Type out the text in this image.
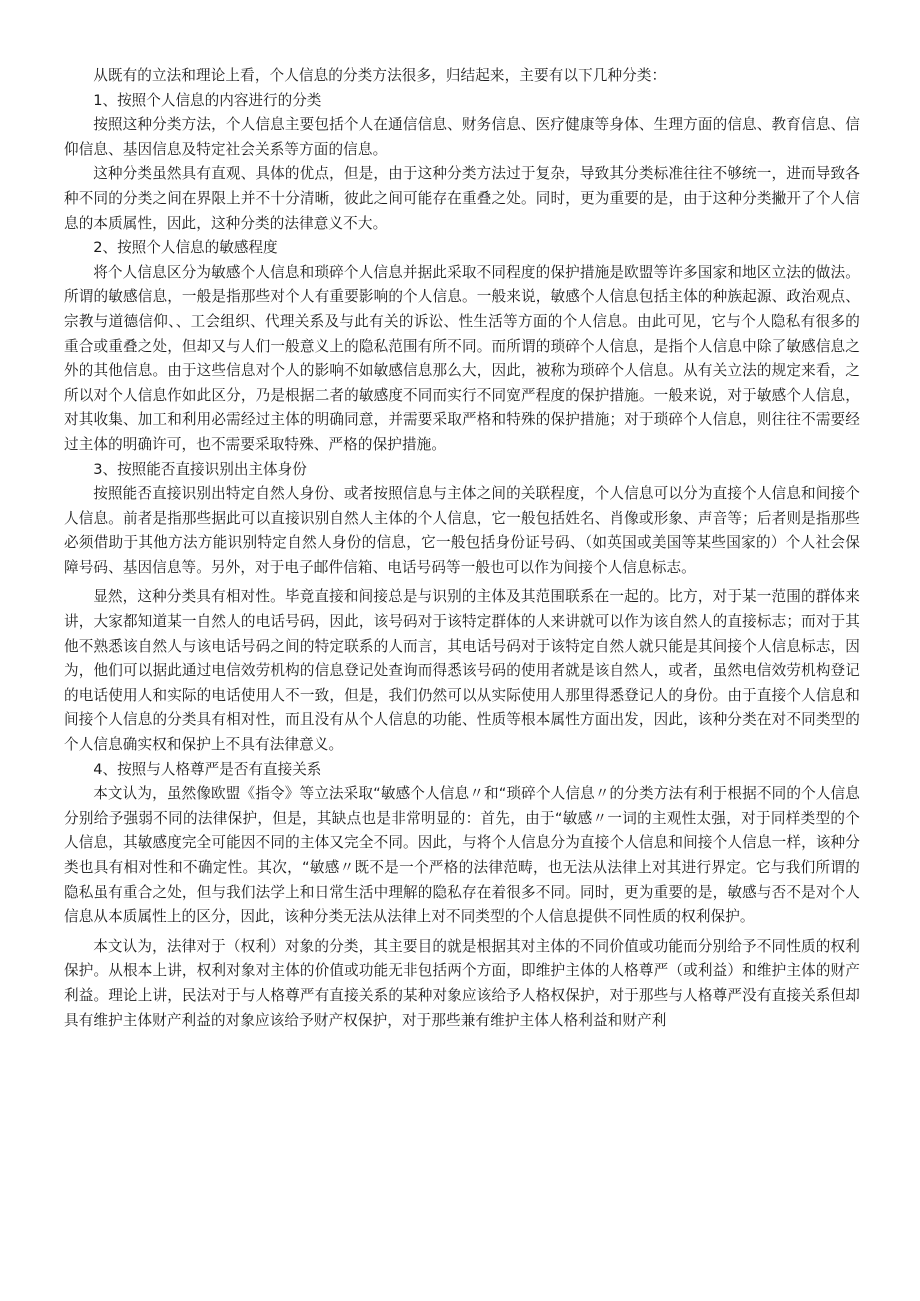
从既有的立法和理论上看，个人信息的分类方法很多，归结起来，主要有以下几种分类：

1、按照个人信息的内容进行的分类

按照这种分类方法，个人信息主要包括个人在通信信息、财务信息、医疗健康等身体、生理方面的信息、教育信息、信仰信息、基因信息及特定社会关系等方面的信息。

这种分类虽然具有直观、具体的优点，但是，由于这种分类方法过于复杂，导致其分类标准往往不够统一，进而导致各种不同的分类之间在界限上并不十分清晰，彼此之间可能存在重叠之处。同时，更为重要的是，由于这种分类撇开了个人信息的本质属性，因此，这种分类的法律意义不大。

2、按照个人信息的敏感程度

将个人信息区分为敏感个人信息和琐碎个人信息并据此采取不同程度的保护措施是欧盟等许多国家和地区立法的做法。所谓的敏感信息，一般是指那些对个人有重要影响的个人信息。一般来说，敏感个人信息包括主体的种族起源、政治观点、宗教与道德信仰、、工会组织、代理关系及与此有关的诉讼、性生活等方面的个人信息。由此可见，它与个人隐私有很多的重合或重叠之处，但却又与人们一般意义上的隐私范围有所不同。而所谓的琐碎个人信息，是指个人信息中除了敏感信息之外的其他信息。由于这些信息对个人的影响不如敏感信息那么大，因此，被称为琐碎个人信息。从有关立法的规定来看，之所以对个人信息作如此区分，乃是根据二者的敏感度不同而实行不同宽严程度的保护措施。一般来说，对于敏感个人信息，对其收集、加工和利用必需经过主体的明确同意，并需要采取严格和特殊的保护措施；对于琐碎个人信息，则往往不需要经过主体的明确许可，也不需要采取特殊、严格的保护措施。

3、按照能否直接识别出主体身份

按照能否直接识别出特定自然人身份、或者按照信息与主体之间的关联程度，个人信息可以分为直接个人信息和间接个人信息。前者是指那些据此可以直接识别自然人主体的个人信息，它一般包括姓名、肖像或形象、声音等；后者则是指那些必须借助于其他方法方能识别特定自然人身份的信息，它一般包括身份证号码、（如英国或美国等某些国家的）个人社会保障号码、基因信息等。另外，对于电子邮件信箱、电话号码等一般也可以作为间接个人信息标志。

显然，这种分类具有相对性。毕竟直接和间接总是与识别的主体及其范围联系在一起的。比方，对于某一范围的群体来讲，大家都知道某一自然人的电话号码，因此，该号码对于该特定群体的人来讲就可以作为该自然人的直接标志；而对于其他不熟悉该自然人与该电话号码之间的特定联系的人而言，其电话号码对于该特定自然人就只能是其间接个人信息标志，因为，他们可以据此通过电信效劳机构的信息登记处查询而得悉该号码的使用者就是该自然人，或者，虽然电信效劳机构登记的电话使用人和实际的电话使用人不一致，但是，我们仍然可以从实际使用人那里得悉登记人的身份。由于直接个人信息和间接个人信息的分类具有相对性，而且没有从个人信息的功能、性质等根本属性方面出发，因此，该种分类在对不同类型的个人信息确实权和保护上不具有法律意义。

4、按照与人格尊严是否有直接关系

本文认为，虽然像欧盟《指令》等立法采取“敏感个人信息〃和“琐碎个人信息〃的分类方法有利于根据不同的个人信息分别给予强弱不同的法律保护，但是，其缺点也是非常明显的：首先，由于“敏感〃一词的主观性太强，对于同样类型的个人信息，其敏感度完全可能因不同的主体又完全不同。因此，与将个人信息分为直接个人信息和间接个人信息一样，该种分类也具有相对性和不确定性。其次，“敏感〃既不是一个严格的法律范畴，也无法从法律上对其进行界定。它与我们所谓的隐私虽有重合之处，但与我们法学上和日常生活中理解的隐私存在着很多不同。同时，更为重要的是，敏感与否不是对个人信息从本质属性上的区分，因此，该种分类无法从法律上对不同类型的个人信息提供不同性质的权利保护。

本文认为，法律对于（权利）对象的分类，其主要目的就是根据其对主体的不同价值或功能而分别给予不同性质的权利保护。从根本上讲，权利对象对主体的价值或功能无非包括两个方面，即维护主体的人格尊严（或利益）和维护主体的财产利益。理论上讲，民法对于与人格尊严有直接关系的某种对象应该给予人格权保护，对于那些与人格尊严没有直接关系但却具有维护主体财产利益的对象应该给予财产权保护，对于那些兼有维护主体人格利益和财产利
